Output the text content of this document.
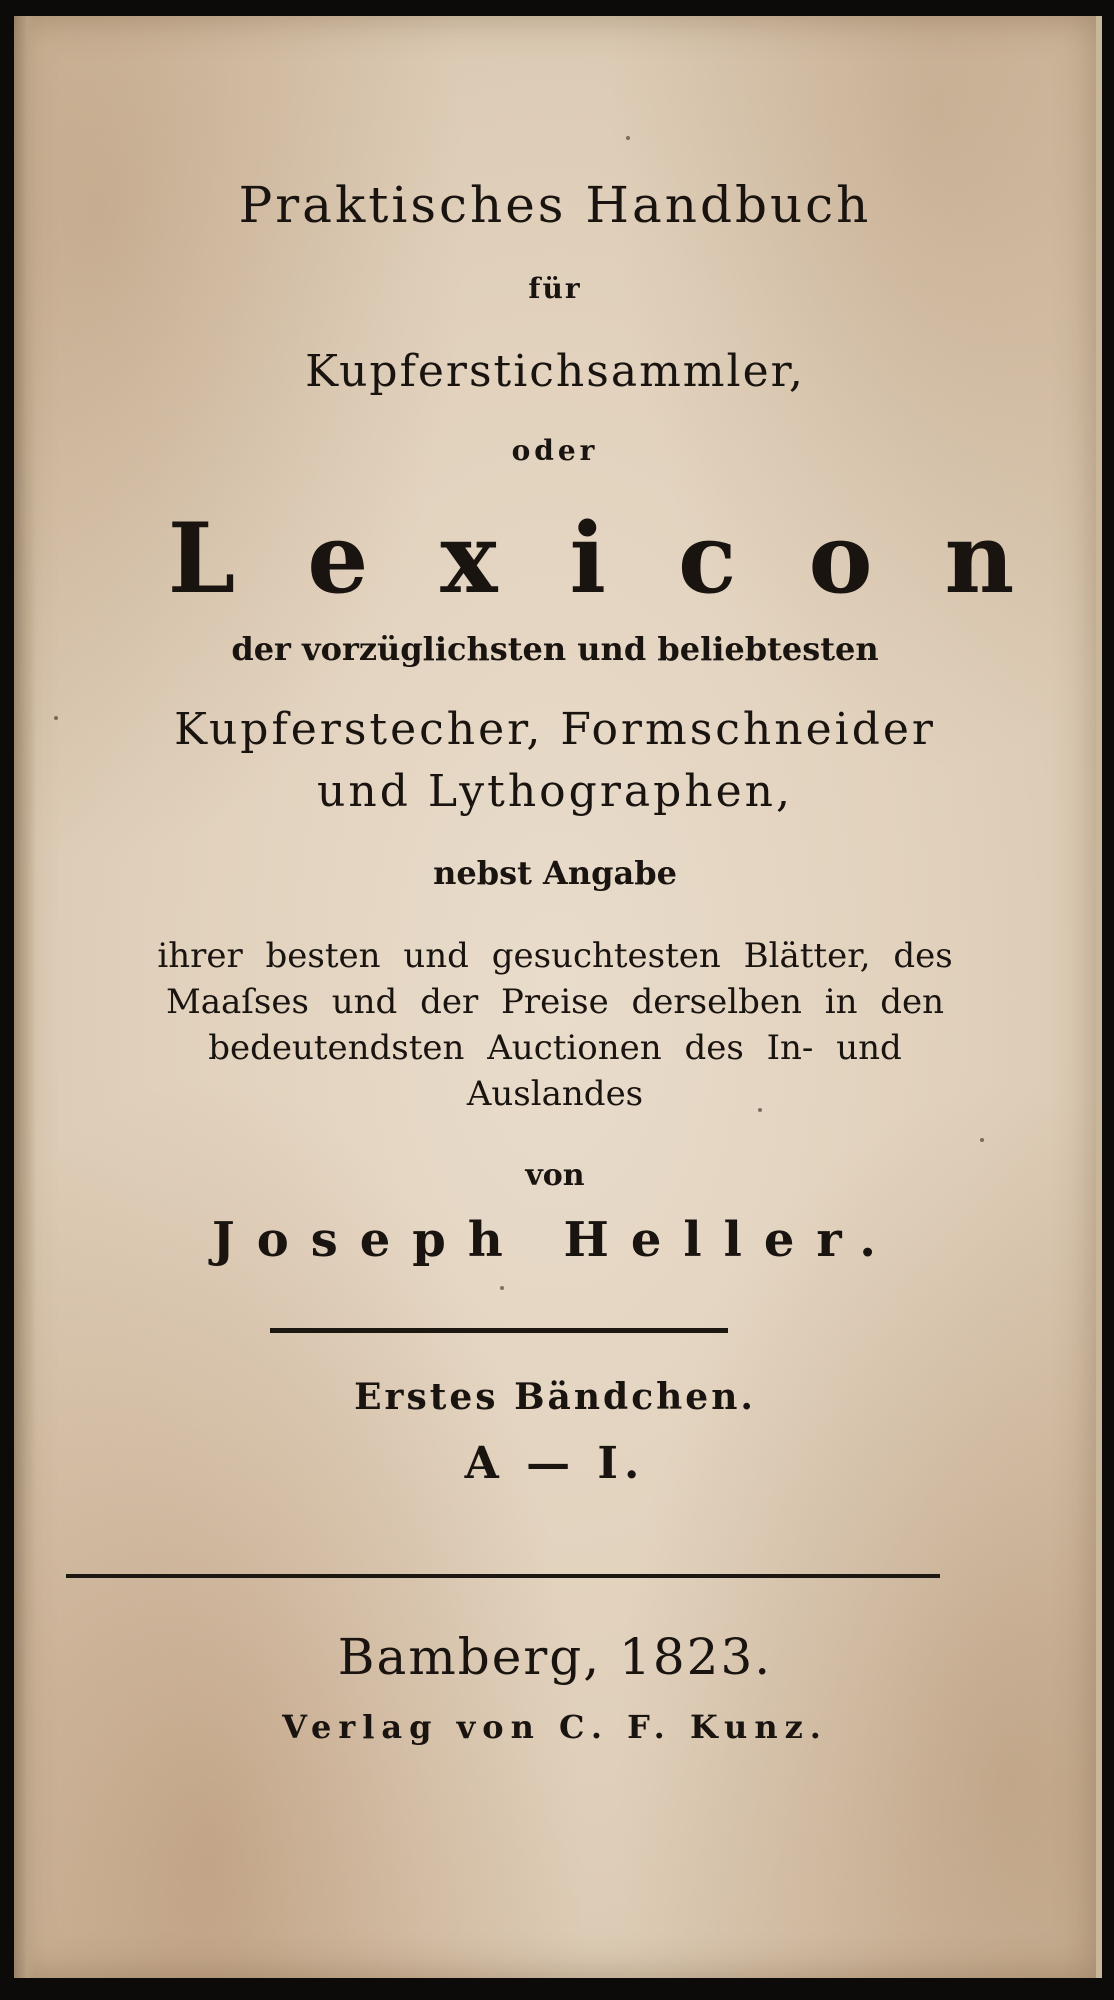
Praktisches Handbuch
für
Kupferstichsammler,
oder
Lexicon
der vorzüglichsten und beliebtesten
Kupferstecher, Formschneider
und Lythographen,
nebst Angabe
ihrer besten und gesuchtesten Blätter, des
Maaſses und der Preise derselben in den
bedeutendsten Auctionen des In- und
Auslandes
von
Joseph Heller.
Erstes Bändchen.
A — I.
Bamberg, 1823.
Verlag von C. F. Kunz.
